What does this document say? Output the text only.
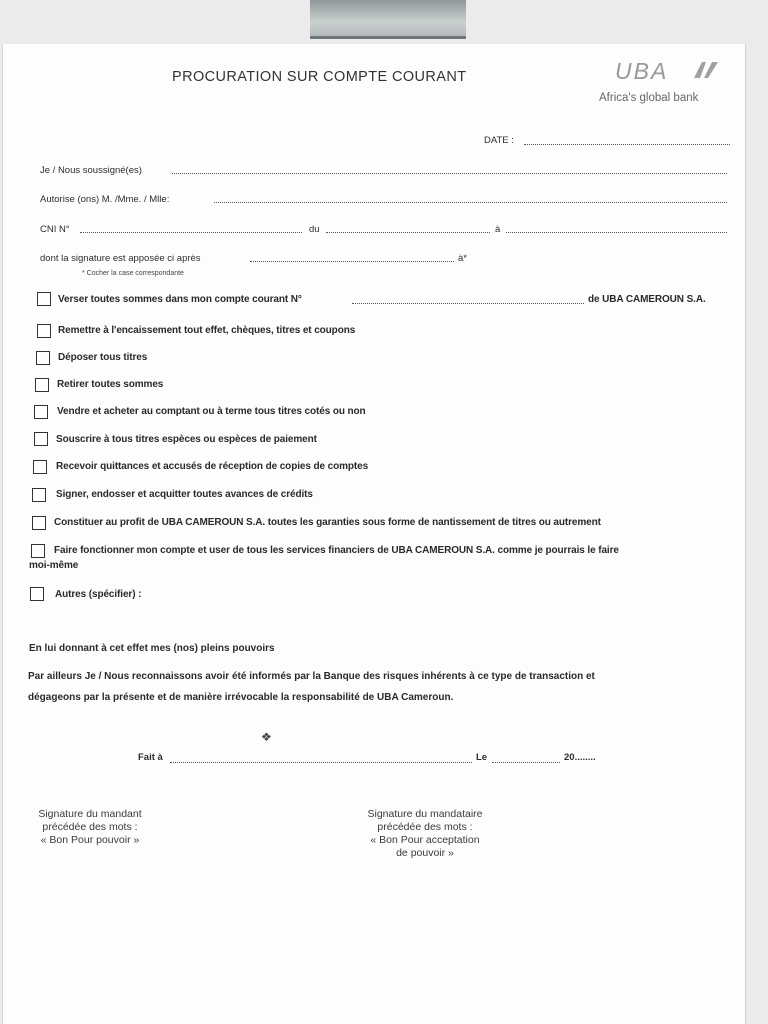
PROCURATION SUR COMPTE COURANT	UBA
Africa's global bank
DATE :
Je / Nous soussigné(es)
Autorise (ons) M. /Mme. / Mlle:
CNI N°	du	à
dont la signature est apposée ci après	à*
* Cocher la case correspondante
Verser toutes sommes dans mon compte courant N°	de UBA CAMEROUN S.A.
Remettre à l'encaissement tout effet, chèques, titres et coupons
Déposer tous titres
Retirer toutes sommes
Vendre et acheter au comptant ou à terme tous titres cotés ou non
Souscrire à tous titres espèces ou espèces de paiement
Recevoir quittances et accusés de réception de copies de comptes
Signer, endosser et acquitter toutes avances de crédits
Constituer au profit de UBA CAMEROUN S.A. toutes les garanties sous forme de nantissement de titres ou autrement
Faire fonctionner mon compte et user de tous les services financiers de UBA CAMEROUN S.A. comme je pourrais le faire
moi-même
Autres (spécifier) :
En lui donnant à cet effet mes (nos) pleins pouvoirs
Par ailleurs Je / Nous reconnaissons avoir été informés par la Banque des risques inhérents à ce type de transaction et
dégageons par la présente et de manière irrévocable la responsabilité de UBA Cameroun.
❖
Fait à	Le	20........
Signature du mandant
précédée des mots :
« Bon Pour pouvoir »
Signature du mandataire
précédée des mots :
« Bon Pour acceptation
de pouvoir »
